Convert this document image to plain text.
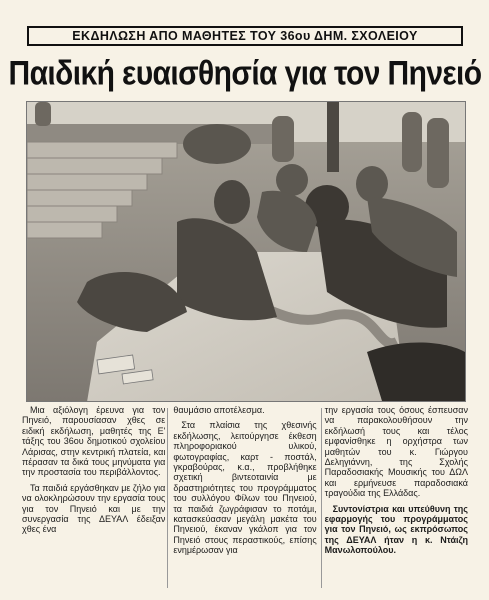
ΕΚΔΗΛΩΣΗ ΑΠΟ ΜΑΘΗΤΕΣ ΤΟΥ 36ου ΔΗΜ. ΣΧΟΛΕΙΟΥ
Παιδική ευαισθησία για τον Πηνειό

Μια αξιόλογη έρευνα για τον Πηνειό, παρουσίασαν χθες σε ειδική εκδήλωση, μαθητές της Ε' τάξης του 36ου δημοτικού σχολείου Λάρισας, στην κεντρική πλατεία, και πέρασαν τα δικά τους μηνύματα για την προστασία του περιβάλλοντος.

Τα παιδιά εργάσθηκαν με ζήλο για να ολοκληρώσουν την εργασία τους για τον Πηνειό και με την συνεργασία της ΔΕΥΑΛ έδειξαν χθες ένα

θαυμάσιο αποτέλεσμα.

Στα πλαίσια της χθεσινής εκδήλωσης, λειτούργησε έκθεση πληροφοριακού υλικού, φωτογραφίας, καρτ - ποστάλ, γκραβούρας, κ.α., προβλήθηκε σχετική βιντεοταινία με δραστηριότητες του προγράμματος του συλλόγου Φίλων του Πηνειού, τα παιδιά ζωγράφισαν το ποτάμι, κατασκεύασαν μεγάλη μακέτα του Πηνειού, έκαναν γκάλοπ για τον Πηνειό στους περαστικούς, επίσης ενημέρωσαν για

την εργασία τους όσους έσπευσαν να παρακολουθήσουν την εκδήλωσή τους και τέλος εμφανίσθηκε η ορχήστρα των μαθητών του κ. Γιώργου Δεληγιάννη, της Σχολής Παραδοσιακής Μουσικής του ΔΩΛ και ερμήνευσε παραδοσιακά τραγούδια της Ελλάδας.

Συντονίστρια και υπεύθυνη της εφαρμογής του προγράμματος για τον Πηνειό, ως εκπρόσωπος της ΔΕΥΑΛ ήταν η κ. Ντάιζη Μανωλοπούλου.
